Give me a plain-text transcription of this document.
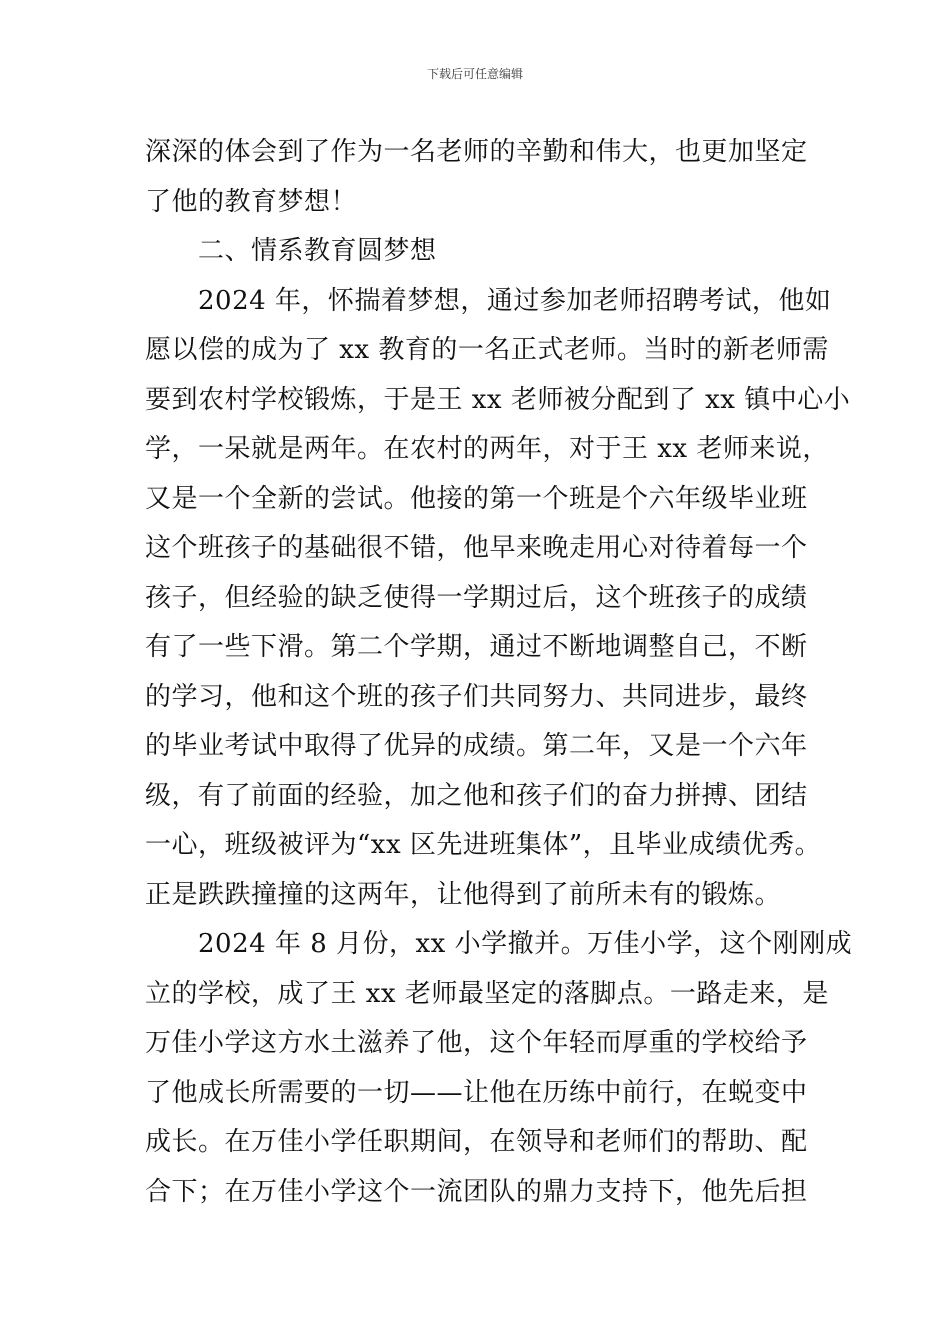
下载后可任意编辑
深深的体会到了作为一名老师的辛勤和伟大，也更加坚定
了他的教育梦想！
　　二、情系教育圆梦想
　　2024 年，怀揣着梦想，通过参加老师招聘考试，他如
愿以偿的成为了 xx 教育的一名正式老师。当时的新老师需
要到农村学校锻炼，于是王 xx 老师被分配到了 xx 镇中心小
学，一呆就是两年。在农村的两年，对于王 xx 老师来说，
又是一个全新的尝试。他接的第一个班是个六年级毕业班
这个班孩子的基础很不错，他早来晚走用心对待着每一个
孩子，但经验的缺乏使得一学期过后，这个班孩子的成绩
有了一些下滑。第二个学期，通过不断地调整自己，不断
的学习，他和这个班的孩子们共同努力、共同进步，最终
的毕业考试中取得了优异的成绩。第二年，又是一个六年
级，有了前面的经验，加之他和孩子们的奋力拼搏、团结
一心，班级被评为“xx 区先进班集体”，且毕业成绩优秀。
正是跌跌撞撞的这两年，让他得到了前所未有的锻炼。
　　2024 年 8 月份，xx 小学撤并。万佳小学，这个刚刚成
立的学校，成了王 xx 老师最坚定的落脚点。一路走来，是
万佳小学这方水土滋养了他，这个年轻而厚重的学校给予
了他成长所需要的一切——让他在历练中前行，在蜕变中
成长。在万佳小学任职期间，在领导和老师们的帮助、配
合下；在万佳小学这个一流团队的鼎力支持下，他先后担
